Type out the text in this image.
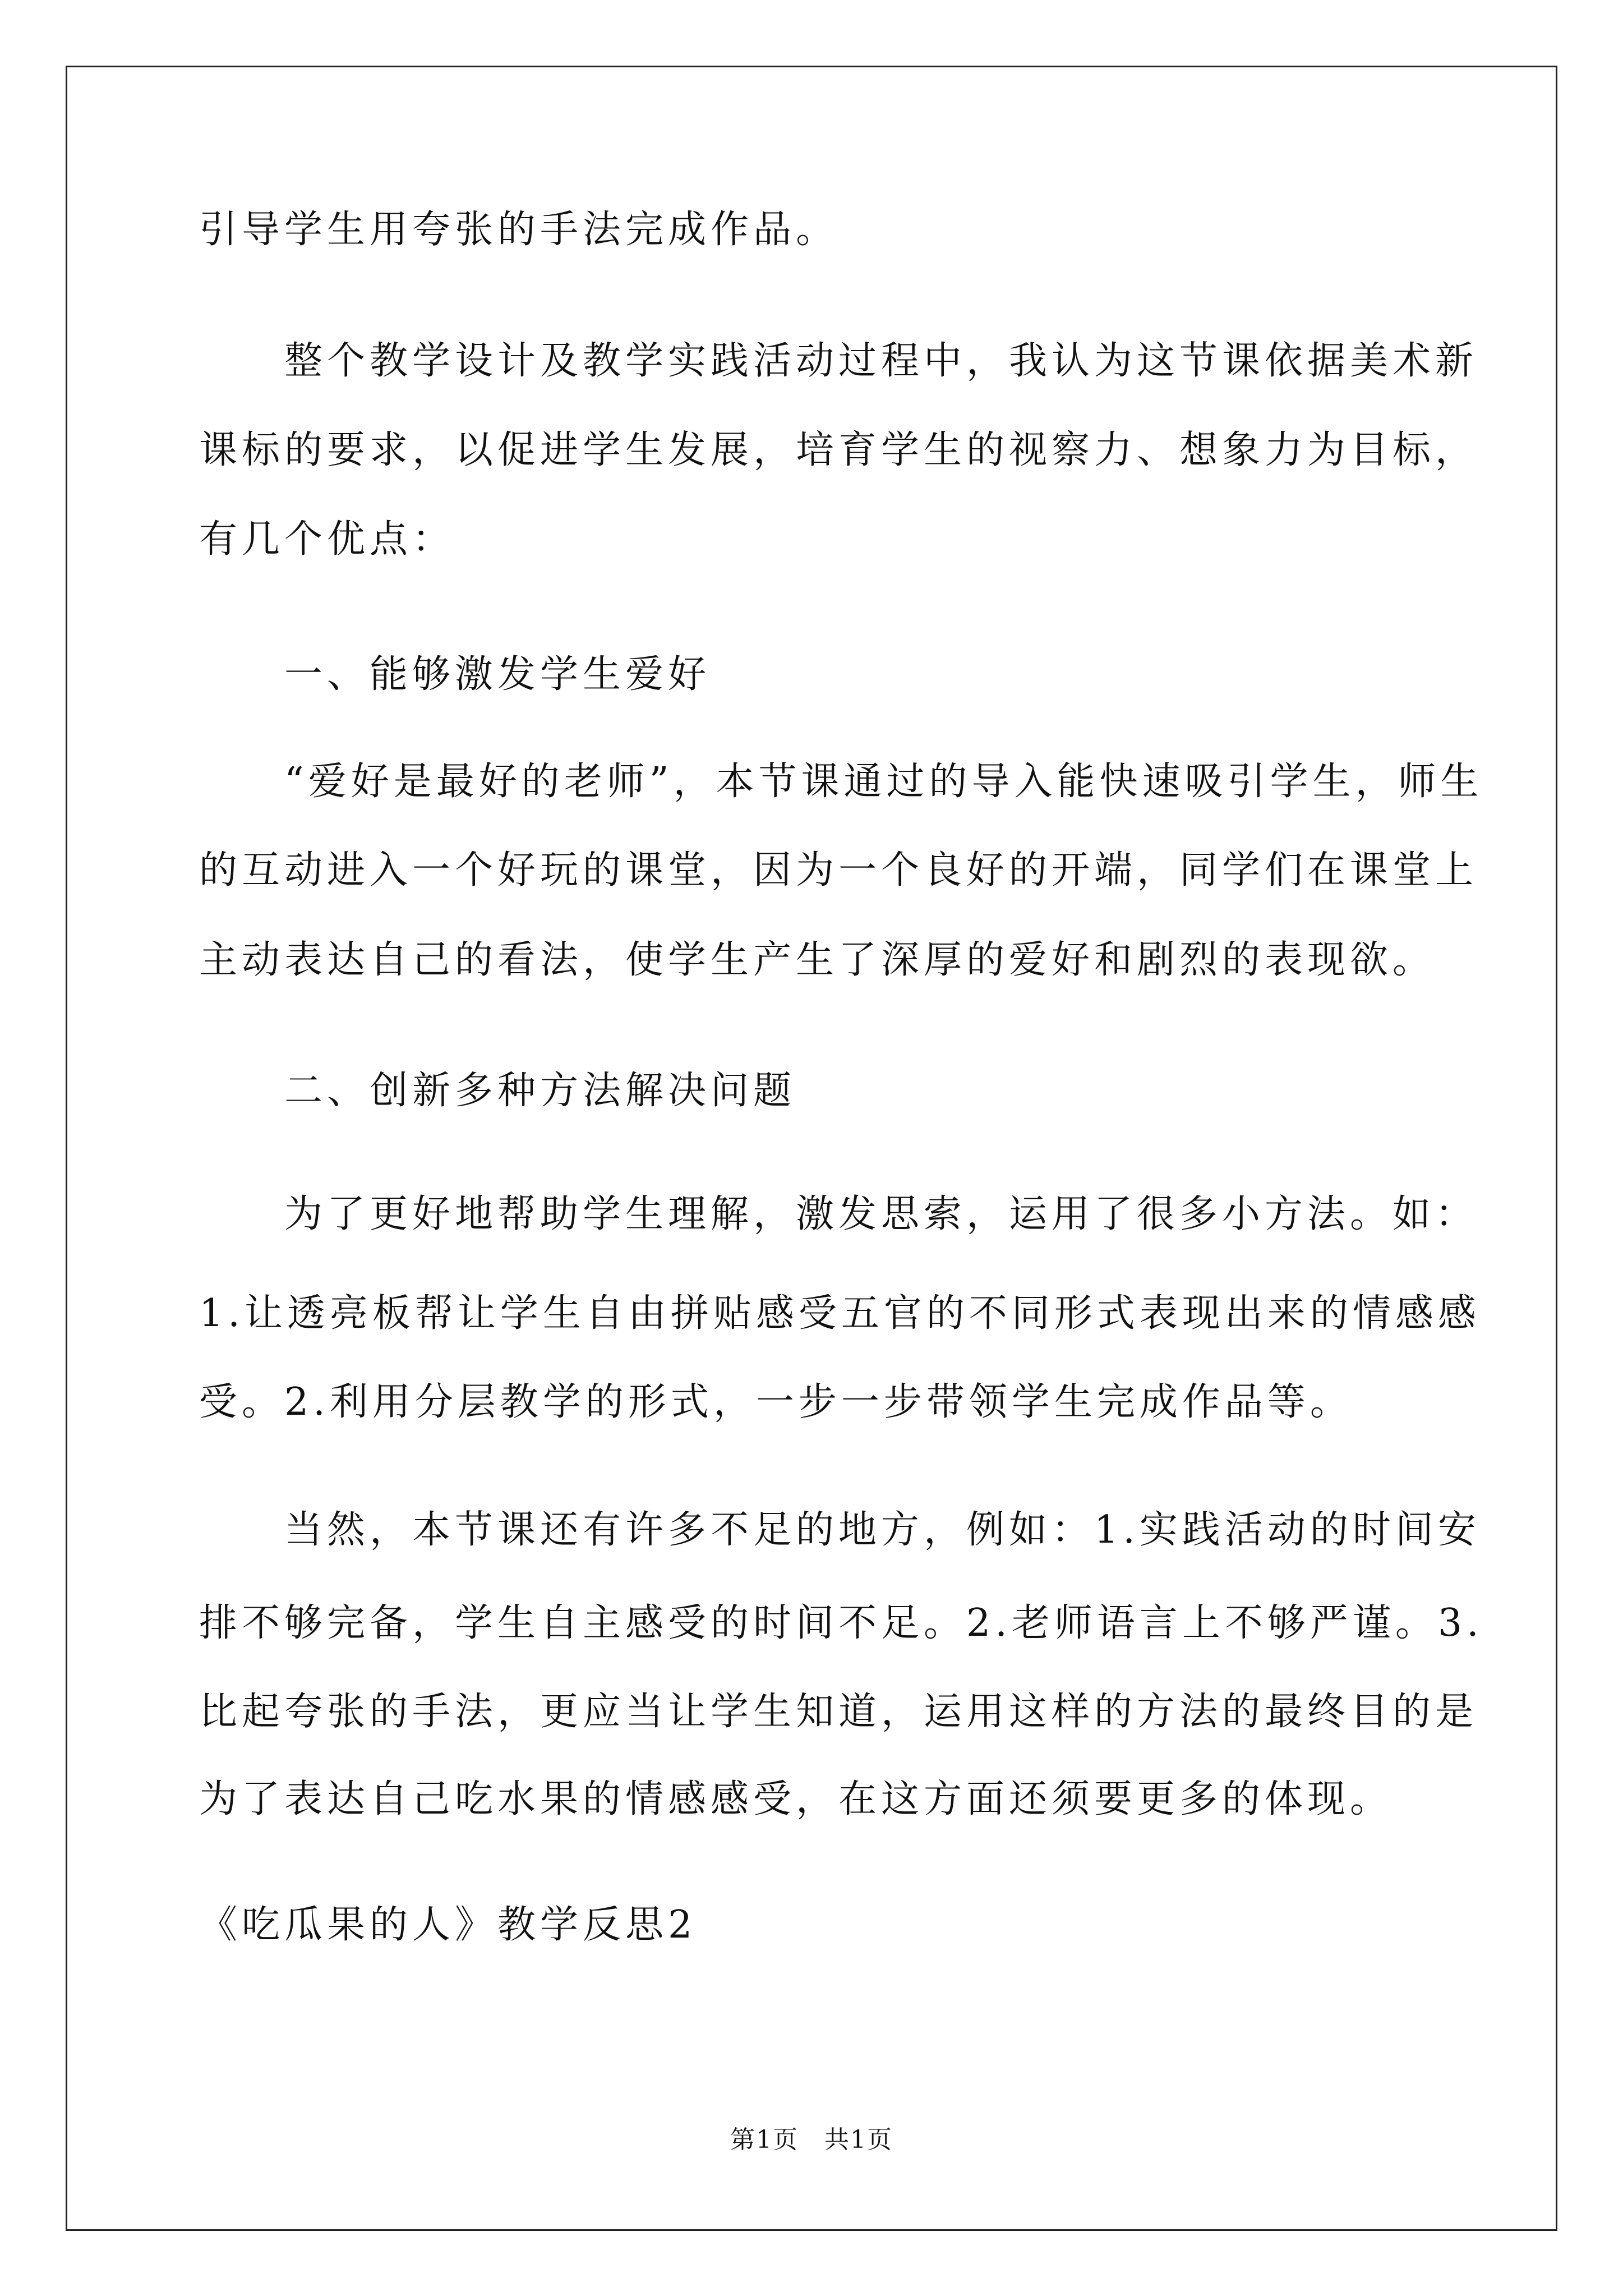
引导学生用夸张的手法完成作品。
　　整个教学设计及教学实践活动过程中，我认为这节课依据美术新
课标的要求，以促进学生发展，培育学生的视察力、想象力为目标，
有几个优点：
　　一、能够激发学生爱好
　　“爱好是最好的老师”，本节课通过的导入能快速吸引学生，师生
的互动进入一个好玩的课堂，因为一个良好的开端，同学们在课堂上
主动表达自己的看法，使学生产生了深厚的爱好和剧烈的表现欲。
　　二、创新多种方法解决问题
　　为了更好地帮助学生理解，激发思索，运用了很多小方法。如：
1.让透亮板帮让学生自由拼贴感受五官的不同形式表现出来的情感感
受。2.利用分层教学的形式，一步一步带领学生完成作品等。
　　当然，本节课还有许多不足的地方，例如：1.实践活动的时间安
排不够完备，学生自主感受的时间不足。2.老师语言上不够严谨。3.
比起夸张的手法，更应当让学生知道，运用这样的方法的最终目的是
为了表达自己吃水果的情感感受，在这方面还须要更多的体现。
《吃瓜果的人》教学反思2
第1页　共1页
